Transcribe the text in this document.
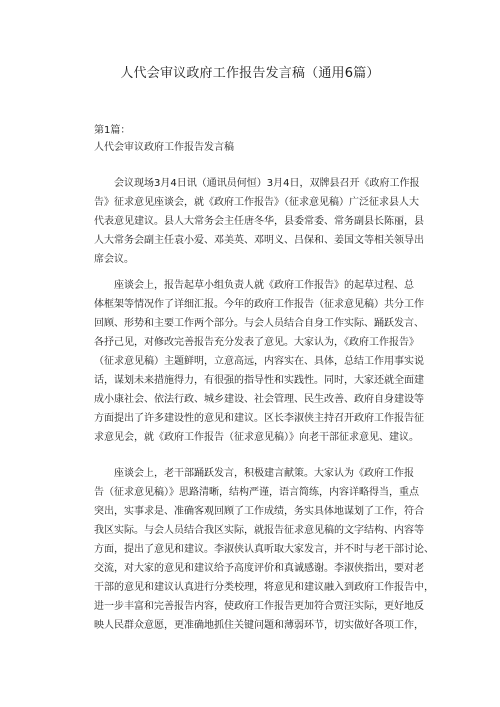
人代会审议政府工作报告发言稿（通用6篇）
第1篇：
人代会审议政府工作报告发言稿
会议现场3月4日讯（通讯员何恒）3月4日，双牌县召开《政府工作报
告》征求意见座谈会，就《政府工作报告》（征求意见稿）广泛征求县人大
代表意见建议。县人大常务会主任唐冬华，县委常委、常务副县长陈丽，县
人大常务会副主任袁小爱、邓美英、邓明义、吕保和、姜国文等相关领导出
席会议。
座谈会上，报告起草小组负责人就《政府工作报告》的起草过程、总
体框架等情况作了详细汇报。今年的政府工作报告（征求意见稿）共分工作
回顾、形势和主要工作两个部分。与会人员结合自身工作实际、踊跃发言、
各抒己见，对修改完善报告充分发表了意见。大家认为，《政府工作报告》
（征求意见稿）主题鲜明，立意高远，内容实在、具体，总结工作用事实说
话，谋划未来措施得力，有很强的指导性和实践性。同时，大家还就全面建
成小康社会、依法行政、城乡建设、社会管理、民生改善、政府自身建设等
方面提出了许多建设性的意见和建议。区长李淑侠主持召开政府工作报告征
求意见会，就《政府工作报告（征求意见稿）》向老干部征求意见、建议。
座谈会上，老干部踊跃发言，积极建言献策。大家认为《政府工作报
告（征求意见稿）》思路清晰，结构严谨，语言简练，内容详略得当，重点
突出，实事求是、准确客观回顾了工作成绩，务实具体地谋划了工作，符合
我区实际。与会人员结合我区实际，就报告征求意见稿的文字结构、内容等
方面，提出了意见和建议。李淑侠认真听取大家发言，并不时与老干部讨论、
交流，对大家的意见和建议给予高度评价和真诚感谢。李淑侠指出，要对老
干部的意见和建议认真进行分类校理，将意见和建议融入到政府工作报告中，
进一步丰富和完善报告内容，使政府工作报告更加符合贾汪实际，更好地反
映人民群众意愿，更准确地抓住关键问题和薄弱环节，切实做好各项工作，
